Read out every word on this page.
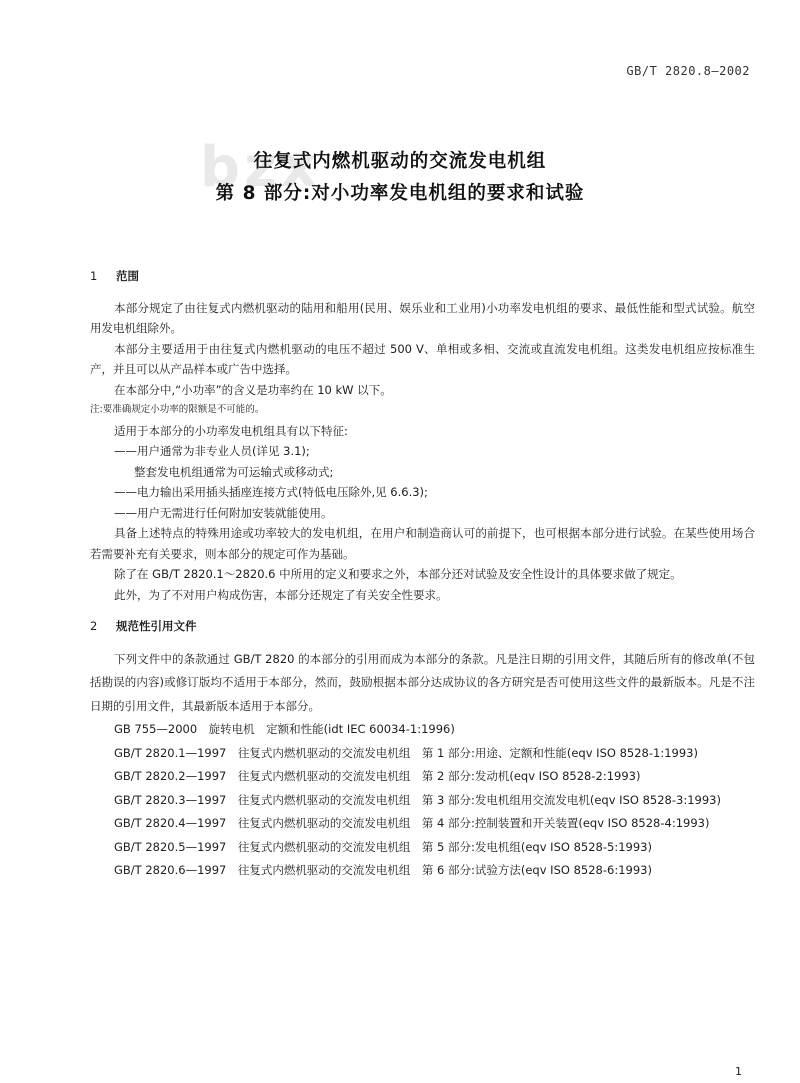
GB/T 2820.8—2002
bzx
往复式内燃机驱动的交流发电机组
第 8 部分:对小功率发电机组的要求和试验

1 范围

本部分规定了由往复式内燃机驱动的陆用和船用(民用、娱乐业和工业用)小功率发电机组的要求、最低性能和型式试验。航空用发电机组除外。

本部分主要适用于由往复式内燃机驱动的电压不超过 500 V、单相或多相、交流或直流发电机组。这类发电机组应按标准生产，并且可以从产品样本或广告中选择。

在本部分中,“小功率”的含义是功率约在 10 kW 以下。

注:要准确规定小功率的限额是不可能的。

适用于本部分的小功率发电机组具有以下特征:

——用户通常为非专业人员(详见 3.1);

整套发电机组通常为可运输式或移动式;

——电力输出采用插头插座连接方式(特低电压除外,见 6.6.3);

——用户无需进行任何附加安装就能使用。

具备上述特点的特殊用途或功率较大的发电机组，在用户和制造商认可的前提下，也可根据本部分进行试验。在某些使用场合若需要补充有关要求，则本部分的规定可作为基础。

除了在 GB/T 2820.1～2820.6 中所用的定义和要求之外，本部分还对试验及安全性设计的具体要求做了规定。

此外，为了不对用户构成伤害，本部分还规定了有关安全性要求。

2 规范性引用文件

下列文件中的条款通过 GB/T 2820 的本部分的引用而成为本部分的条款。凡是注日期的引用文件，其随后所有的修改单(不包括勘误的内容)或修订版均不适用于本部分，然而，鼓励根据本部分达成协议的各方研究是否可使用这些文件的最新版本。凡是不注日期的引用文件，其最新版本适用于本部分。

GB 755—2000　旋转电机　定额和性能(idt IEC 60034-1:1996)

GB/T 2820.1—1997　往复式内燃机驱动的交流发电机组　第 1 部分:用途、定额和性能(eqv ISO 8528-1:1993)

GB/T 2820.2—1997　往复式内燃机驱动的交流发电机组　第 2 部分:发动机(eqv ISO 8528-2:1993)

GB/T 2820.3—1997　往复式内燃机驱动的交流发电机组　第 3 部分:发电机组用交流发电机(eqv ISO 8528-3:1993)

GB/T 2820.4—1997　往复式内燃机驱动的交流发电机组　第 4 部分:控制装置和开关装置(eqv ISO 8528-4:1993)

GB/T 2820.5—1997　往复式内燃机驱动的交流发电机组　第 5 部分:发电机组(eqv ISO 8528-5:1993)

GB/T 2820.6—1997　往复式内燃机驱动的交流发电机组　第 6 部分:试验方法(eqv ISO 8528-6:1993)

1
